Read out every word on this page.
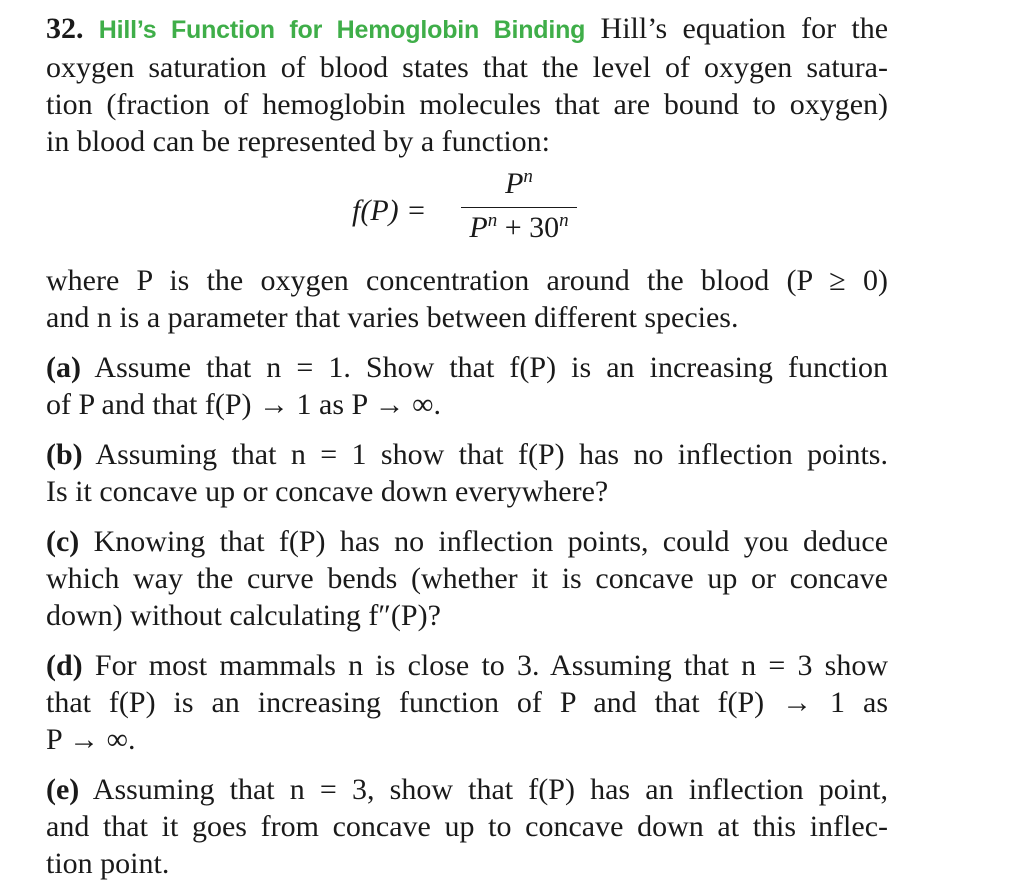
32. Hill’s Function for Hemoglobin Binding Hill’s equation for the
oxygen saturation of blood states that the level of oxygen satura-
tion (fraction of hemoglobin molecules that are bound to oxygen)
in blood can be represented by a function:
f(P) =
$P^n$
$P^n + 30^n$
where P is the oxygen concentration around the blood (P ≥ 0)
and n is a parameter that varies between different species.
(a) Assume that n = 1. Show that f(P) is an increasing function
of P and that f(P) → 1 as P → ∞.
(b) Assuming that n = 1 show that f(P) has no inflection points.
Is it concave up or concave down everywhere?
(c) Knowing that f(P) has no inflection points, could you deduce
which way the curve bends (whether it is concave up or concave
down) without calculating f″(P)?
(d) For most mammals n is close to 3. Assuming that n = 3 show
that f(P) is an increasing function of P and that f(P) → 1 as
P → ∞.
(e) Assuming that n = 3, show that f(P) has an inflection point,
and that it goes from concave up to concave down at this inflec-
tion point.
